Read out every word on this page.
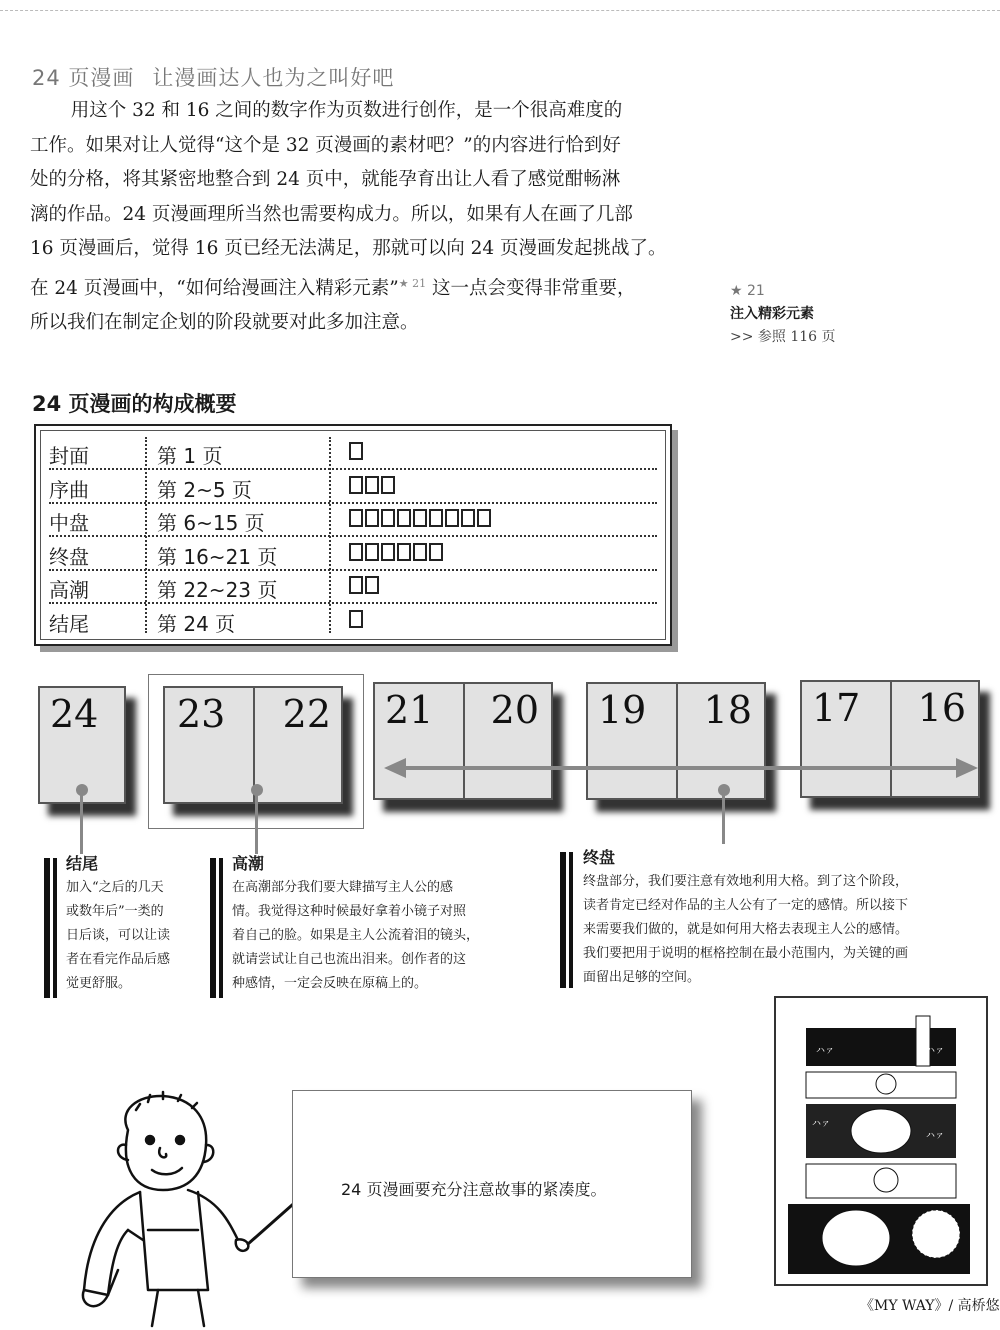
24 页漫画 让漫画达人也为之叫好吧

用这个 32 和 16 之间的数字作为页数进行创作，是一个很高难度的

工作。如果对让人觉得“这个是 32 页漫画的素材吧？”的内容进行恰到好

处的分格，将其紧密地整合到 24 页中，就能孕育出让人看了感觉酣畅淋

漓的作品。24 页漫画理所当然也需要构成力。所以，如果有人在画了几部

16 页漫画后，觉得 16 页已经无法满足，那就可以向 24 页漫画发起挑战了。

在 24 页漫画中，“如何给漫画注入精彩元素”$^{★ 21}$ 这一点会变得非常重要，

所以我们在制定企划的阶段就要对此多加注意。

★ 21
注入精彩元素
>> 参照 116 页
24 页漫画的构成概要
封面	第 1 页
序曲	第 2~5 页
中盘	第 6~15 页
终盘	第 16~21 页
高潮	第 22~23 页
结尾	第 24 页
24 23 22 21 20 19 18 17 16
结尾
加入“之后的几天
或数年后”一类的
日后谈，可以让读
者在看完作品后感
觉更舒服。
高潮
在高潮部分我们要大肆描写主人公的感
情。我觉得这种时候最好拿着小镜子对照
着自己的脸。如果是主人公流着泪的镜头，
就请尝试让自己也流出泪来。创作者的这
种感情，一定会反映在原稿上的。
终盘
终盘部分，我们要注意有效地利用大格。到了这个阶段，
读者肯定已经对作品的主人公有了一定的感情。所以接下
来需要我们做的，就是如何用大格去表现主人公的感情。
我们要把用于说明的框格控制在最小范围内，为关键的画
面留出足够的空间。
24 页漫画要充分注意故事的紧凑度。
ハァ	ハァ
ハァ
ハァ
《MY WAY》/ 高桥悠
